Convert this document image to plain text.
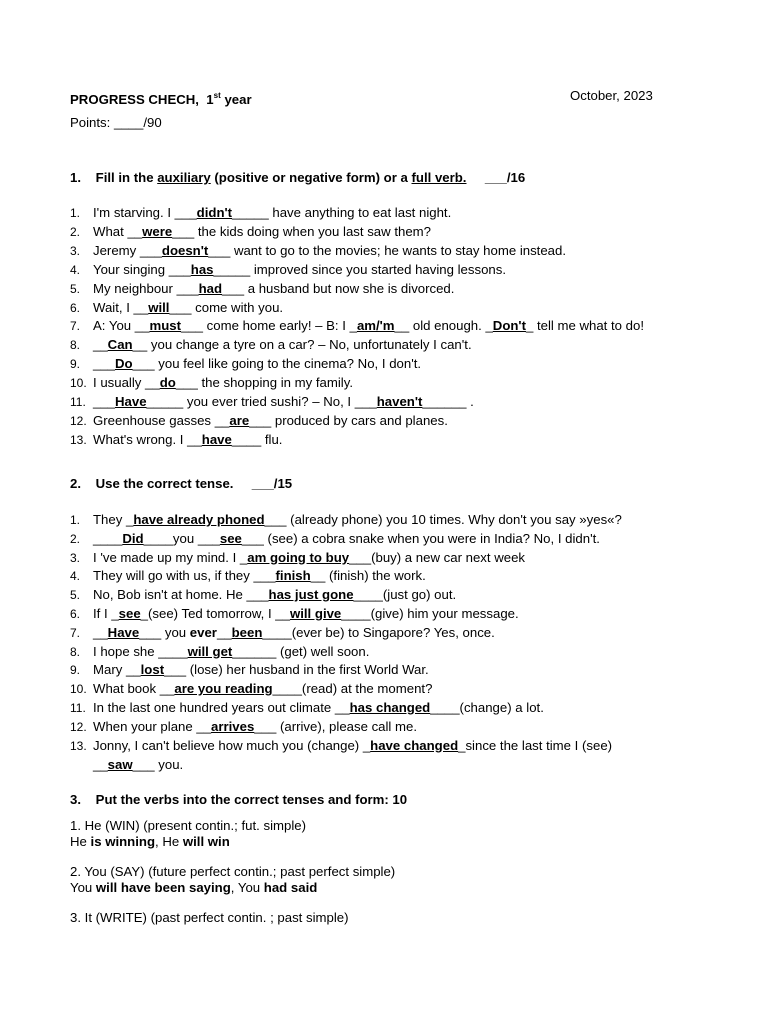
PROGRESS CHECH, 1st year	October, 2023
Points: ____/90
1. Fill in the auxiliary (positive or negative form) or a full verb. ___/16
1. I'm starving. I ___didn't_____ have anything to eat last night.
2. What __were___ the kids doing when you last saw them?
3. Jeremy ___doesn't___ want to go to the movies; he wants to stay home instead.
4. Your singing ___has_____ improved since you started having lessons.
5. My neighbour ___had___ a husband but now she is divorced.
6. Wait, I __will___ come with you.
7. A: You __must___ come home early! – B: I _am/'m__ old enough. _Don't_ tell me what to do!
8. __Can__ you change a tyre on a car? – No, unfortunately I can't.
9. ___Do___ you feel like going to the cinema? No, I don't.
10. I usually __do___ the shopping in my family.
11. ___Have_____ you ever tried sushi? – No, I ___haven't______ .
12. Greenhouse gasses __are___ produced by cars and planes.
13. What's wrong. I __have____ flu.
2. Use the correct tense. ___/15
1. They _have already phoned___ (already phone) you 10 times. Why don't you say »yes«?
2. ____Did____you ___see___ (see) a cobra snake when you were in India? No, I didn't.
3. I 've made up my mind. I _am going to buy___(buy) a new car next week
4. They will go with us, if they ___finish__ (finish) the work.
5. No, Bob isn't at home. He ___has just gone____(just go) out.
6. If I _see_(see) Ted tomorrow, I __will give____(give) him your message.
7. __Have___ you ever__been____(ever be) to Singapore? Yes, once.
8. I hope she ____will get______ (get) well soon.
9. Mary __lost___ (lose) her husband in the first World War.
10. What book __are you reading____(read) at the moment?
11. In the last one hundred years out climate __has changed____(change) a lot.
12. When your plane __arrives___ (arrive), please call me.
13. Jonny, I can't believe how much you (change) _have changed_since the last time I (see)
__saw___ you.
3. Put the verbs into the correct tenses and form: 10
1. He (WIN) (present contin.; fut. simple)
He is winning, He will win
2. You (SAY) (future perfect contin.; past perfect simple)
You will have been saying, You had said
3. It (WRITE) (past perfect contin. ; past simple)
